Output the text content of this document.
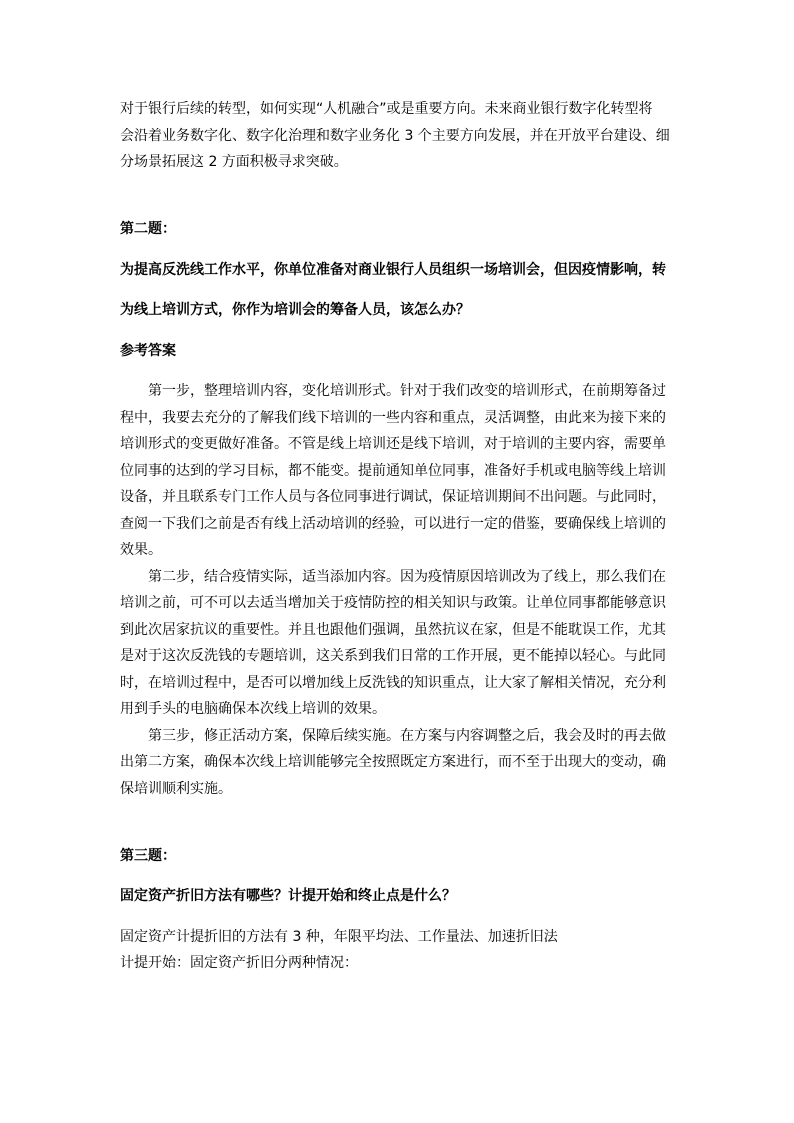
对于银行后续的转型，如何实现“人机融合”或是重要方向。未来商业银行数字化转型将

会沿着业务数字化、数字化治理和数字业务化 3 个主要方向发展，并在开放平台建设、细

分场景拓展这 2 方面积极寻求突破。

第二题：

为提高反洗线工作水平，你单位准备对商业银行人员组织一场培训会，但因疫情影响，转

为线上培训方式，你作为培训会的筹备人员，该怎么办？

参考答案

第一步，整理培训内容，变化培训形式。针对于我们改变的培训形式，在前期筹备过

程中，我要去充分的了解我们线下培训的一些内容和重点，灵活调整，由此来为接下来的

培训形式的变更做好准备。不管是线上培训还是线下培训，对于培训的主要内容，需要单

位同事的达到的学习目标，都不能变。提前通知单位同事，准备好手机或电脑等线上培训

设备，并且联系专门工作人员与各位同事进行调试，保证培训期间不出问题。与此同时，

查阅一下我们之前是否有线上活动培训的经验，可以进行一定的借鉴，要确保线上培训的

效果。

第二步，结合疫情实际，适当添加内容。因为疫情原因培训改为了线上，那么我们在

培训之前，可不可以去适当增加关于疫情防控的相关知识与政策。让单位同事都能够意识

到此次居家抗议的重要性。并且也跟他们强调，虽然抗议在家，但是不能耽误工作，尤其

是对于这次反洗钱的专题培训，这关系到我们日常的工作开展，更不能掉以轻心。与此同

时，在培训过程中，是否可以增加线上反洗钱的知识重点，让大家了解相关情况，充分利

用到手头的电脑确保本次线上培训的效果。

第三步，修正活动方案，保障后续实施。在方案与内容调整之后，我会及时的再去做

出第二方案，确保本次线上培训能够完全按照既定方案进行，而不至于出现大的变动，确

保培训顺利实施。

第三题：

固定资产折旧方法有哪些？计提开始和终止点是什么？

固定资产计提折旧的方法有 3 种，年限平均法、工作量法、加速折旧法

计提开始：固定资产折旧分两种情况：
